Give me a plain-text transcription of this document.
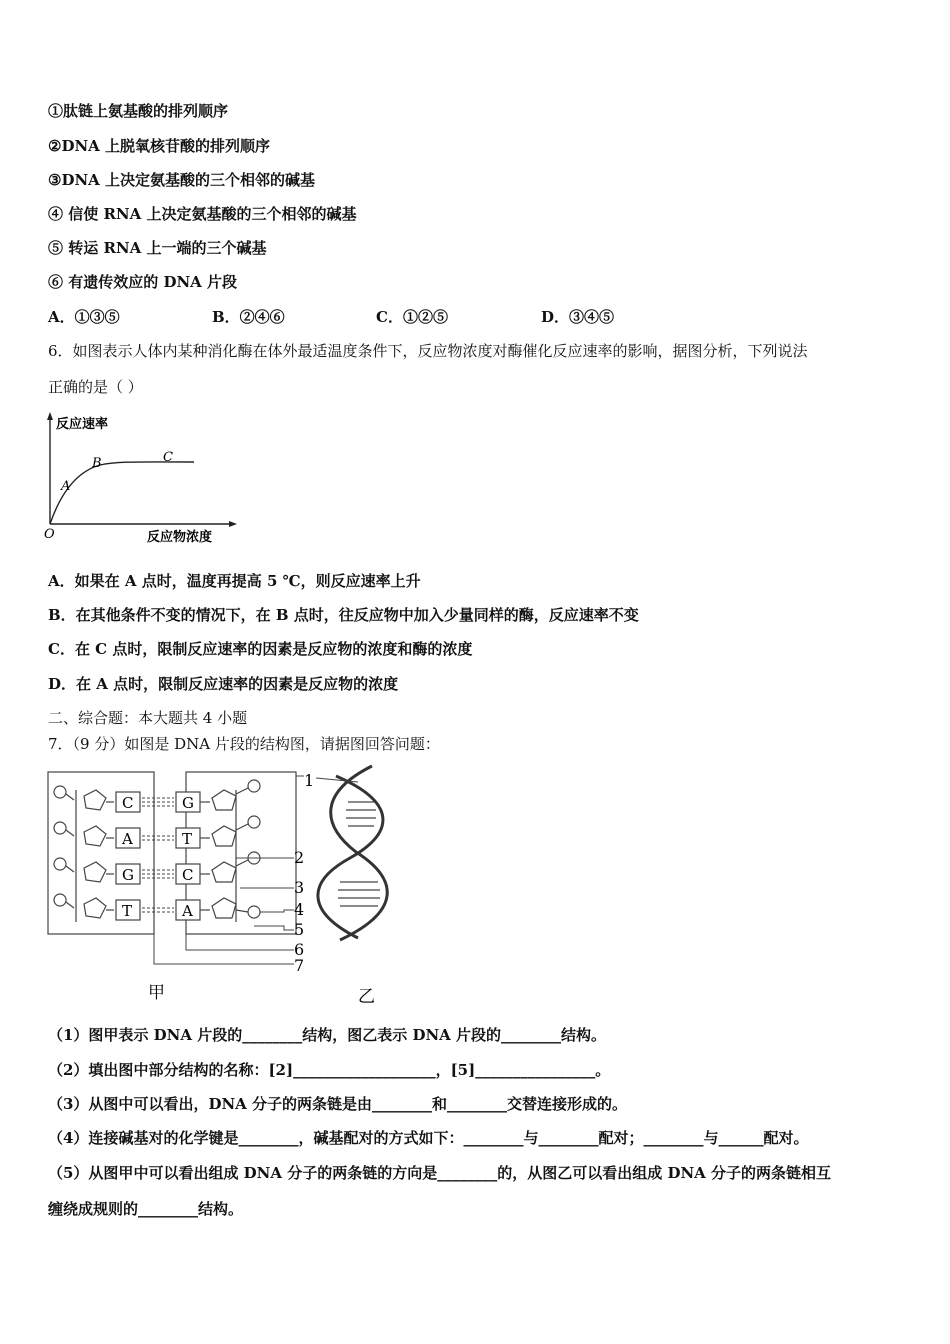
①肽链上氨基酸的排列顺序
②DNA 上脱氧核苷酸的排列顺序
③DNA 上决定氨基酸的三个相邻的碱基
④ 信使 RNA 上决定氨基酸的三个相邻的碱基
⑤ 转运 RNA 上一端的三个碱基
⑥ 有遗传效应的 DNA 片段
A．①③⑤	B．②④⑥	C．①②⑤	D．③④⑤
6．如图表示人体内某种消化酶在体外最适温度条件下，反应物浓度对酶催化反应速率的影响，据图分析，下列说法
正确的是（ ）
反应速率
反应物浓度
O
A
B	C
A．如果在 A 点时，温度再提高 5 ℃，则反应速率上升
B．在其他条件不变的情况下，在 B 点时，往反应物中加入少量同样的酶，反应速率不变
C．在 C 点时，限制反应速率的因素是反应物的浓度和酶的浓度
D．在 A 点时，限制反应速率的因素是反应物的浓度
二、综合题：本大题共 4 小题
7．（9 分）如图是 DNA 片段的结构图，请据图回答问题：
C
A
G
T
G
T
C
A
1
2
3
4
5
6
7
甲	乙
（1）图甲表示 DNA 片段的________结构，图乙表示 DNA 片段的________结构。
（2）填出图中部分结构的名称：[2]___________________，[5]________________。
（3）从图中可以看出，DNA 分子的两条链是由________和________交替连接形成的。
（4）连接碱基对的化学键是________，碱基配对的方式如下：________与________配对；________与______配对。
（5）从图甲中可以看出组成 DNA 分子的两条链的方向是________的，从图乙可以看出组成 DNA 分子的两条链相互
缠绕成规则的________结构。
